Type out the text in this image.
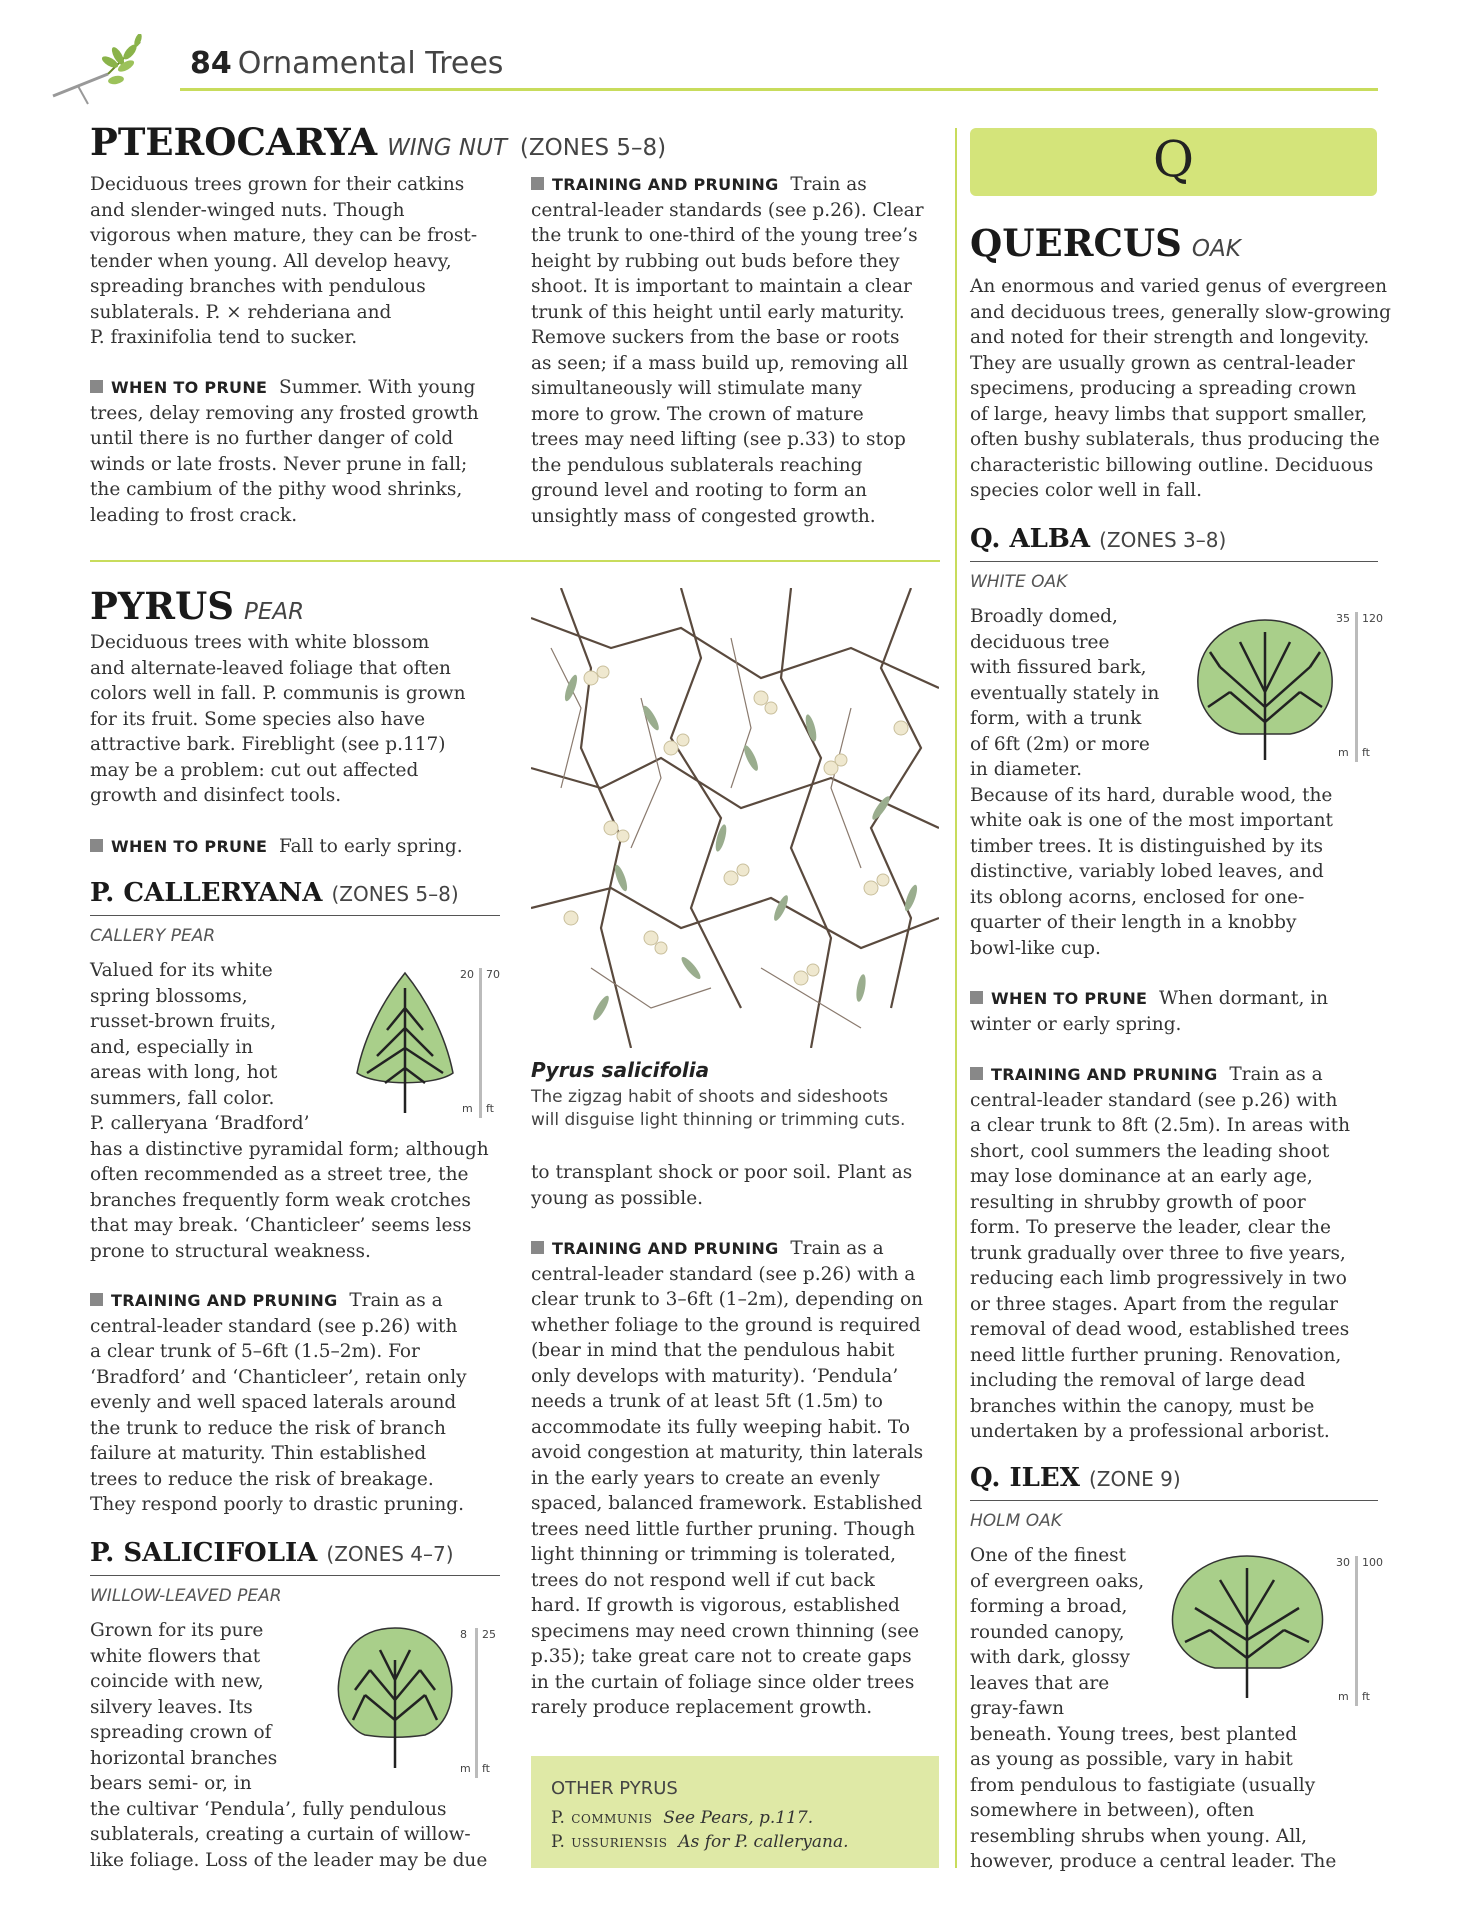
84 Ornamental Trees
PTEROCARYA WING NUT (ZONES 5–8)
Deciduous trees grown for their catkins
and slender-winged nuts. Though
vigorous when mature, they can be frost-
tender when young. All develop heavy,
spreading branches with pendulous
sublaterals. P. × rehderiana and
P. fraxinifolia tend to sucker.
WHEN TO PRUNE Summer. With young
trees, delay removing any frosted growth
until there is no further danger of cold
winds or late frosts. Never prune in fall;
the cambium of the pithy wood shrinks,
leading to frost crack.
TRAINING AND PRUNING Train as
central-leader standards (see p.26). Clear
the trunk to one-third of the young tree’s
height by rubbing out buds before they
shoot. It is important to maintain a clear
trunk of this height until early maturity.
Remove suckers from the base or roots
as seen; if a mass build up, removing all
simultaneously will stimulate many
more to grow. The crown of mature
trees may need lifting (see p.33) to stop
the pendulous sublaterals reaching
ground level and rooting to form an
unsightly mass of congested growth.
PYRUS PEAR
Deciduous trees with white blossom
and alternate-leaved foliage that often
colors well in fall. P. communis is grown
for its fruit. Some species also have
attractive bark. Fireblight (see p.117)
may be a problem: cut out affected
growth and disinfect tools.
WHEN TO PRUNE Fall to early spring.
P. CALLERYANA (ZONES 5–8)
CALLERY PEAR
Valued for its white
spring blossoms,
russet-brown fruits,
and, especially in
areas with long, hot
summers, fall color.
P. calleryana ‘Bradford’
has a distinctive pyramidal form; although
often recommended as a street tree, the
branches frequently form weak crotches
that may break. ‘Chanticleer’ seems less
prone to structural weakness.
20 70
m ft
TRAINING AND PRUNING Train as a
central-leader standard (see p.26) with
a clear trunk of 5–6ft (1.5–2m). For
‘Bradford’ and ‘Chanticleer’, retain only
evenly and well spaced laterals around
the trunk to reduce the risk of branch
failure at maturity. Thin established
trees to reduce the risk of breakage.
They respond poorly to drastic pruning.
P. SALICIFOLIA (ZONES 4–7)
WILLOW-LEAVED PEAR
Grown for its pure
white flowers that
coincide with new,
silvery leaves. Its
spreading crown of
horizontal branches
bears semi- or, in
the cultivar ‘Pendula’, fully pendulous
sublaterals, creating a curtain of willow-
like foliage. Loss of the leader may be due
8 25
m ft
Pyrus salicifolia
The zigzag habit of shoots and sideshoots
will disguise light thinning or trimming cuts.
to transplant shock or poor soil. Plant as
young as possible.
TRAINING AND PRUNING Train as a
central-leader standard (see p.26) with a
clear trunk to 3–6ft (1–2m), depending on
whether foliage to the ground is required
(bear in mind that the pendulous habit
only develops with maturity). ‘Pendula’
needs a trunk of at least 5ft (1.5m) to
accommodate its fully weeping habit. To
avoid congestion at maturity, thin laterals
in the early years to create an evenly
spaced, balanced framework. Established
trees need little further pruning. Though
light thinning or trimming is tolerated,
trees do not respond well if cut back
hard. If growth is vigorous, established
specimens may need crown thinning (see
p.35); take great care not to create gaps
in the curtain of foliage since older trees
rarely produce replacement growth.
OTHER PYRUS
P. communis See Pears, p.117.
P. ussuriensis As for P. calleryana.
Q
QUERCUS OAK
An enormous and varied genus of evergreen
and deciduous trees, generally slow-growing
and noted for their strength and longevity.
They are usually grown as central-leader
specimens, producing a spreading crown
of large, heavy limbs that support smaller,
often bushy sublaterals, thus producing the
characteristic billowing outline. Deciduous
species color well in fall.
Q. ALBA (ZONES 3–8)
WHITE OAK
Broadly domed,
deciduous tree
with fissured bark,
eventually stately in
form, with a trunk
of 6ft (2m) or more
in diameter.
Because of its hard, durable wood, the
white oak is one of the most important
timber trees. It is distinguished by its
distinctive, variably lobed leaves, and
its oblong acorns, enclosed for one-
quarter of their length in a knobby
bowl-like cup.
35 120
m ft
WHEN TO PRUNE When dormant, in
winter or early spring.
TRAINING AND PRUNING Train as a
central-leader standard (see p.26) with
a clear trunk to 8ft (2.5m). In areas with
short, cool summers the leading shoot
may lose dominance at an early age,
resulting in shrubby growth of poor
form. To preserve the leader, clear the
trunk gradually over three to five years,
reducing each limb progressively in two
or three stages. Apart from the regular
removal of dead wood, established trees
need little further pruning. Renovation,
including the removal of large dead
branches within the canopy, must be
undertaken by a professional arborist.
Q. ILEX (ZONE 9)
HOLM OAK
One of the finest
of evergreen oaks,
forming a broad,
rounded canopy,
with dark, glossy
leaves that are
gray-fawn
beneath. Young trees, best planted
as young as possible, vary in habit
from pendulous to fastigiate (usually
somewhere in between), often
resembling shrubs when young. All,
however, produce a central leader. The
30 100
m ft
